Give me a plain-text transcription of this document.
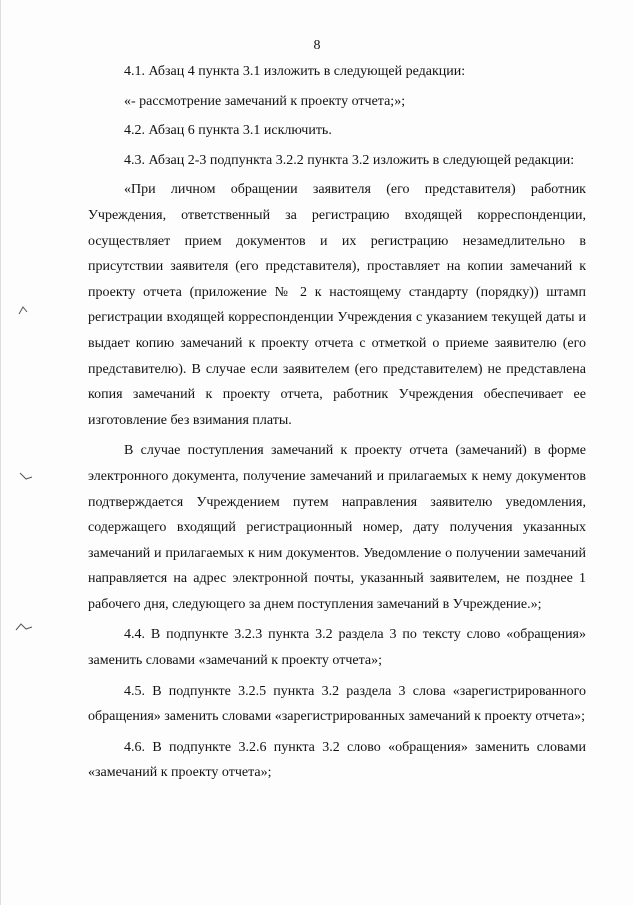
8

4.1. Абзац 4 пункта 3.1 изложить в следующей редакции:

«- рассмотрение замечаний к проекту отчета;»;

4.2. Абзац 6 пункта 3.1 исключить.

4.3. Абзац 2-3 подпункта 3.2.2 пункта 3.2 изложить в следующей редакции:

«При личном обращении заявителя (его представителя) работник Учреждения, ответственный за регистрацию входящей корреспонденции, осуществляет прием документов и их регистрацию незамедлительно в присутствии заявителя (его представителя), проставляет на копии замечаний к проекту отчета (приложение № 2 к настоящему стандарту (порядку)) штамп регистрации входящей корреспонденции Учреждения с указанием текущей даты и выдает копию замечаний к проекту отчета с отметкой о приеме заявителю (его представителю). В случае если заявителем (его представителем) не представлена копия замечаний к проекту отчета, работник Учреждения обеспечивает ее изготовление без взимания платы.

В случае поступления замечаний к проекту отчета (замечаний) в форме электронного документа, получение замечаний и прилагаемых к нему документов подтверждается Учреждением путем направления заявителю уведомления, содержащего входящий регистрационный номер, дату получения указанных замечаний и прилагаемых к ним документов. Уведомление о получении замечаний направляется на адрес электронной почты, указанный заявителем, не позднее 1 рабочего дня, следующего за днем поступления замечаний в Учреждение.»;

4.4. В подпункте 3.2.3 пункта 3.2 раздела 3 по тексту слово «обращения» заменить словами «замечаний к проекту отчета»;

4.5. В подпункте 3.2.5 пункта 3.2 раздела 3 слова «зарегистрированного обращения» заменить словами «зарегистрированных замечаний к проекту отчета»;

4.6. В подпункте 3.2.6 пункта 3.2 слово «обращения» заменить словами «замечаний к проекту отчета»;
